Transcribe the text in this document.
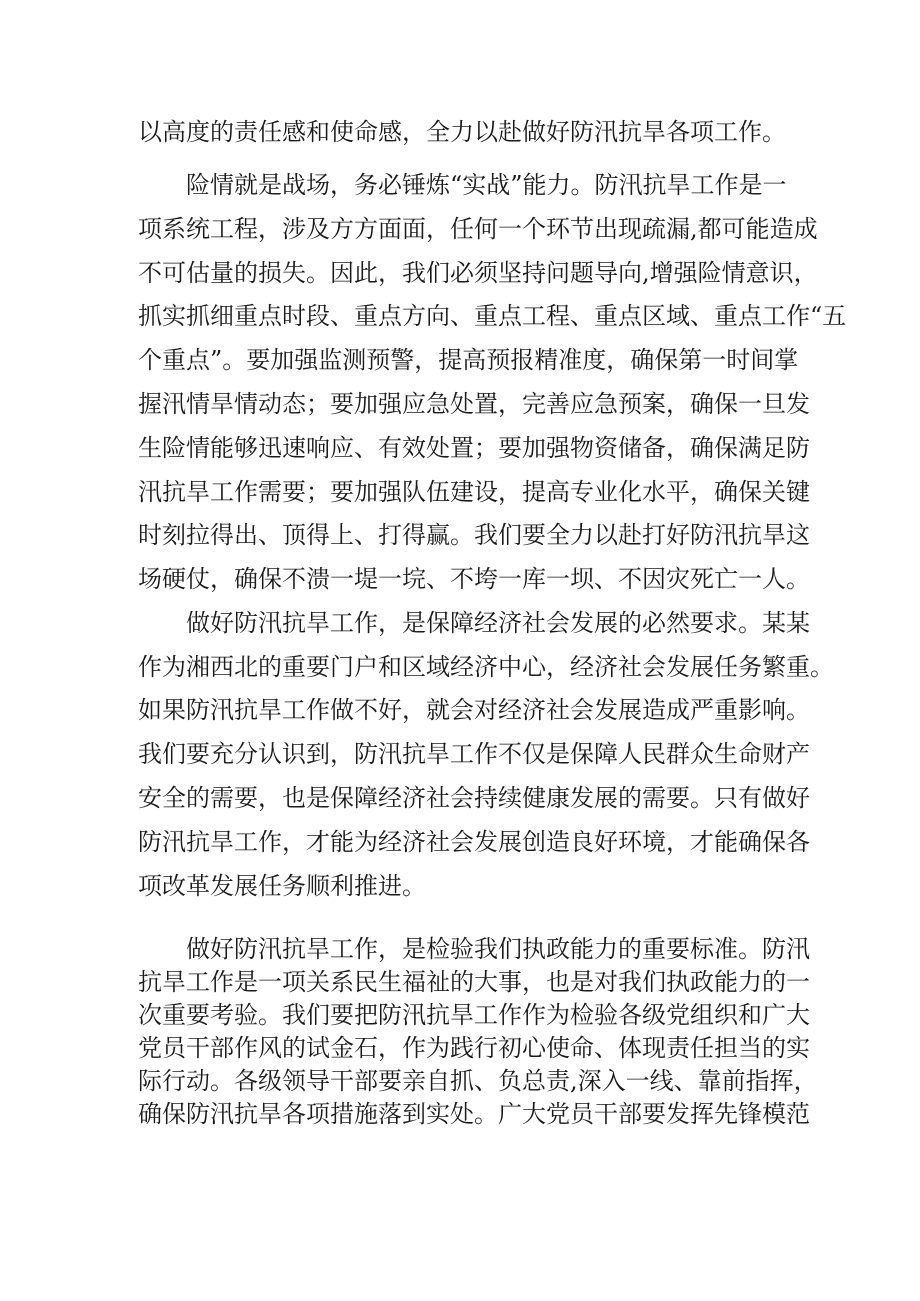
以高度的责任感和使命感，全力以赴做好防汛抗旱各项工作。
险情就是战场，务必锤炼“实战”能力。防汛抗旱工作是一
项系统工程，涉及方方面面，任何一个环节出现疏漏,都可能造成
不可估量的损失。因此，我们必须坚持问题导向,增强险情意识，
抓实抓细重点时段、重点方向、重点工程、重点区域、重点工作“五
个重点”。要加强监测预警，提高预报精准度，确保第一时间掌
握汛情旱情动态；要加强应急处置，完善应急预案，确保一旦发
生险情能够迅速响应、有效处置；要加强物资储备，确保满足防
汛抗旱工作需要；要加强队伍建设，提高专业化水平，确保关键
时刻拉得出、顶得上、打得赢。我们要全力以赴打好防汛抗旱这
场硬仗，确保不溃一堤一垸、不垮一库一坝、不因灾死亡一人。
做好防汛抗旱工作，是保障经济社会发展的必然要求。某某
作为湘西北的重要门户和区域经济中心，经济社会发展任务繁重。
如果防汛抗旱工作做不好，就会对经济社会发展造成严重影响。
我们要充分认识到，防汛抗旱工作不仅是保障人民群众生命财产
安全的需要，也是保障经济社会持续健康发展的需要。只有做好
防汛抗旱工作，才能为经济社会发展创造良好环境，才能确保各
项改革发展任务顺利推进。
做好防汛抗旱工作，是检验我们执政能力的重要标准。防汛
抗旱工作是一项关系民生福祉的大事，也是对我们执政能力的一
次重要考验。我们要把防汛抗旱工作作为检验各级党组织和广大
党员干部作风的试金石，作为践行初心使命、体现责任担当的实
际行动。各级领导干部要亲自抓、负总责,深入一线、靠前指挥，
确保防汛抗旱各项措施落到实处。广大党员干部要发挥先锋模范
